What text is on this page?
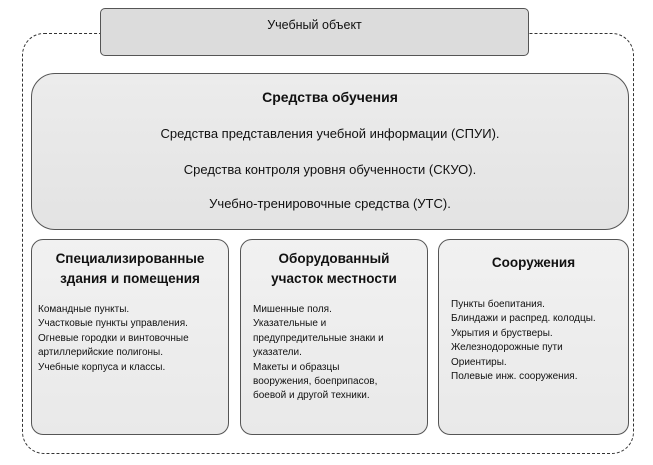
Учебный объект
Средства обучения
Средства представления учебной информации (СПУИ).
Средства контроля уровня обученности (СКУО).
Учебно-тренировочные средства (УТС).
Специализированные
здания и помещения
Командные пункты.
Участковые пункты управления.
Огневые городки и винтовочные
артиллерийские полигоны.
Учебные корпуса и классы.
Оборудованный
участок местности
Мишенные поля.
Указательные и
предупредительные знаки и
указатели.
Макеты и образцы
вооружения, боеприпасов,
боевой и другой техники.
Сооружения
Пункты боепитания.
Блиндажи и распред. колодцы.
Укрытия и брустверы.
Железнодорожные пути
Ориентиры.
Полевые инж. сооружения.
